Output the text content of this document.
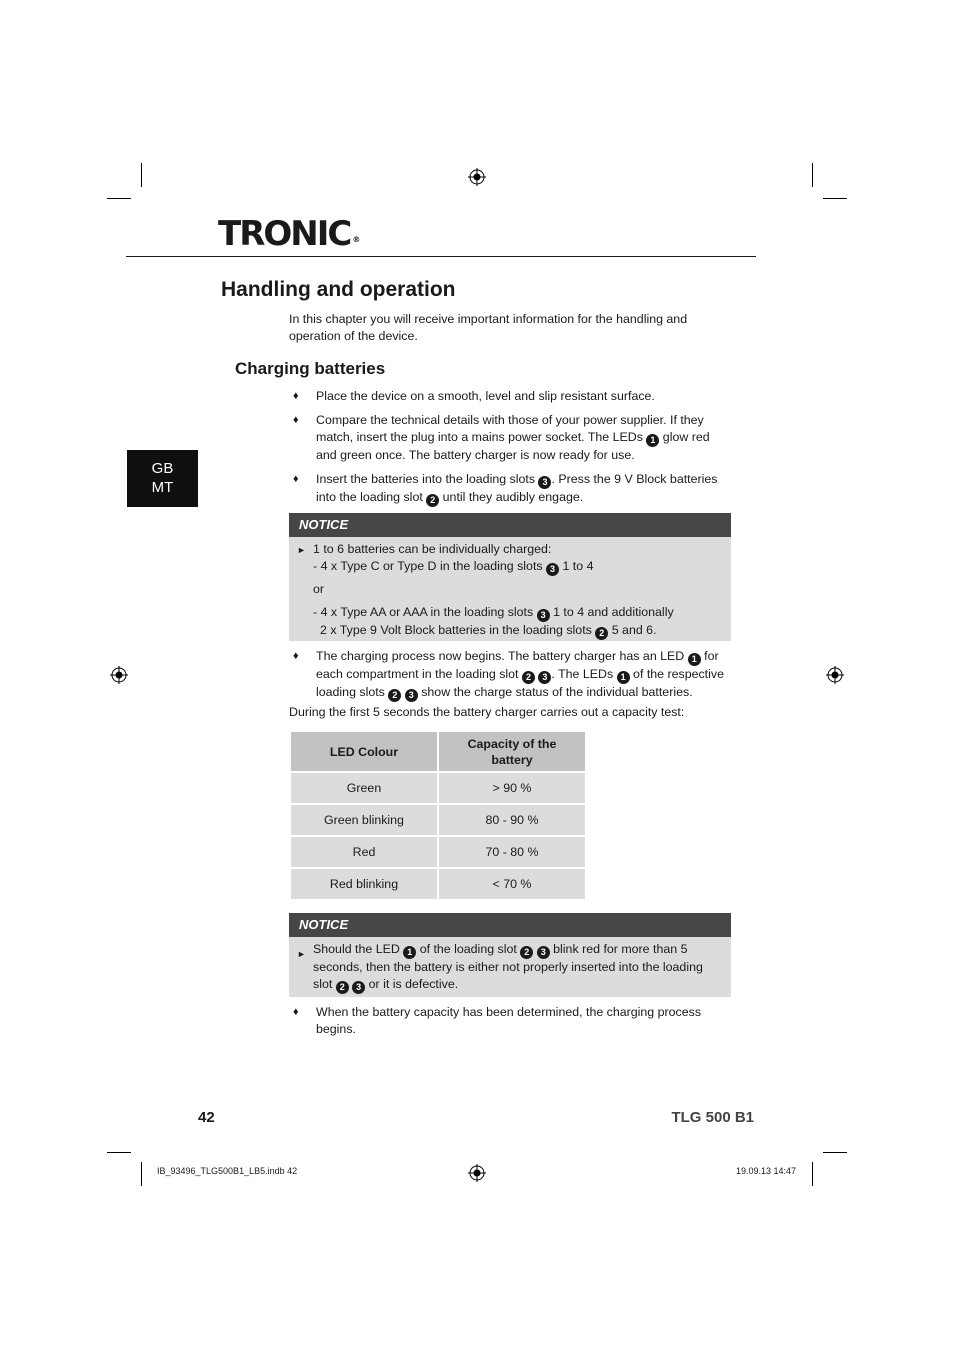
TRONIC ®
Handling and operation

In this chapter you will receive important information for the handling and operation of the device.

GB
MT
Charging batteries
♦ Place the device on a smooth, level and slip resistant surface.
♦ Compare the technical details with those of your power supplier. If they match, insert the plug into a mains power socket. The LEDs 1 glow red and green once. The battery charger is now ready for use.
♦ Insert the batteries into the loading slots 3 . Press the 9 V Block batteries into the loading slot 2 until they audibly engage.
NOTICE
► 1 to 6 batteries can be individually charged:
- 4 x Type C or Type D in the loading slots 3 1 to 4
or
- 4 x Type AA or AAA in the loading slots 3 1 to 4 and additionally
2 x Type 9 Volt Block batteries in the loading slots 2 5 and 6.
♦ The charging process now begins. The battery charger has an LED 1 for each compartment in the loading slot 2 3 . The LEDs 1 of the respective loading slots 2 3 show the charge status of the individual batteries.

During the first 5 seconds the battery charger carries out a capacity test:

LED Colour	Capacity of the battery
Green	> 90 %
Green blinking	80 - 90 %
Red	70 - 80 %
Red blinking	< 70 %
NOTICE
► Should the LED 1 of the loading slot 2 3 blink red for more than 5 seconds, then the battery is either not properly inserted into the loading slot 2 3 or it is defective.
♦ When the battery capacity has been determined, the charging process begins.
42	TLG 500 B1
IB_93496_TLG500B1_LB5.indb 42	19.09.13 14:47
